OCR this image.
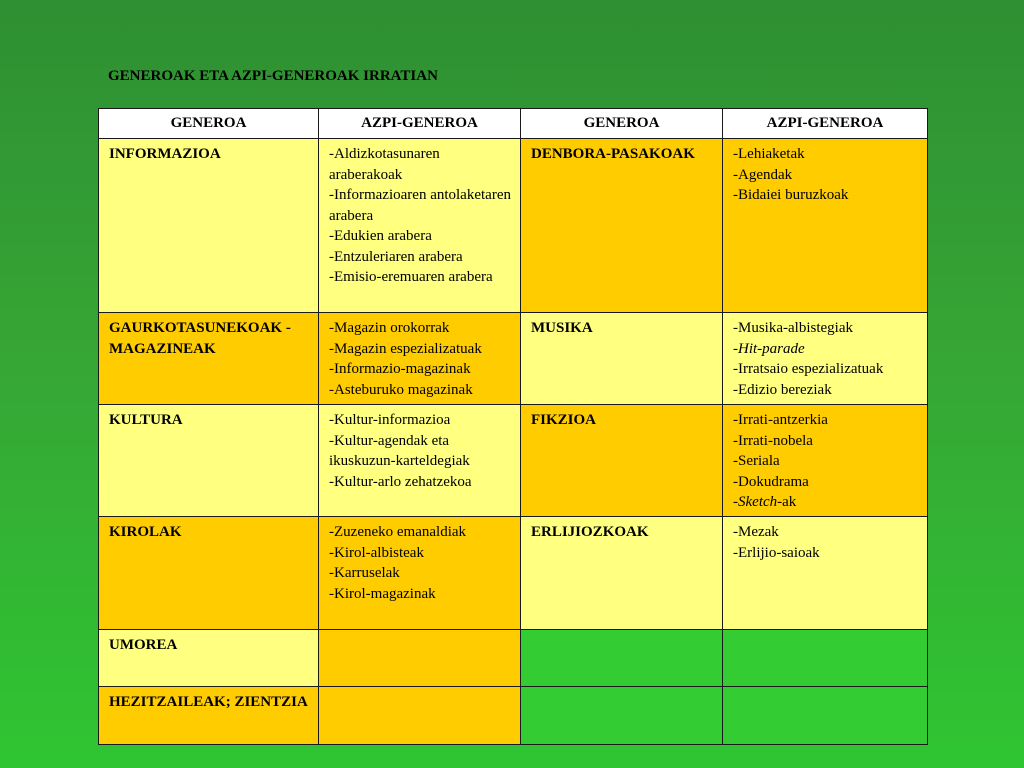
GENEROAK ETA AZPI-GENEROAK IRRATIAN
GENEROA	AZPI-GENEROA	GENEROA	AZPI-GENEROA
INFORMAZIOA	-Aldizkotasunaren araberakoak
-Informazioaren antolaketaren arabera
-Edukien arabera
-Entzuleriaren arabera
-Emisio-eremuaren arabera	DENBORA-PASAKOAK	-Lehiaketak
-Agendak
-Bidaiei buruzkoak

GAURKOTASUNEKOAK -MAGAZINEAK	-Magazin orokorrak
-Magazin espezializatuak
-Informazio-magazinak
-Asteburuko magazinak	MUSIKA	-Musika-albistegiak
-Hit-parade
-Irratsaio espezializatuak
-Edizio bereziak

KULTURA	-Kultur-informazioa
-Kultur-agendak eta ikuskuzun-karteldegiak
-Kultur-arlo zehatzekoa	FIKZIOA	-Irrati-antzerkia
-Irrati-nobela
-Seriala
-Dokudrama
-Sketch-ak

KIROLAK	-Zuzeneko emanaldiak
-Kirol-albisteak
-Karruselak
-Kirol-magazinak	ERLIJIOZKOAK	-Mezak
-Erlijio-saioak

UMOREA			
HEZITZAILEAK; ZIENTZIA			
